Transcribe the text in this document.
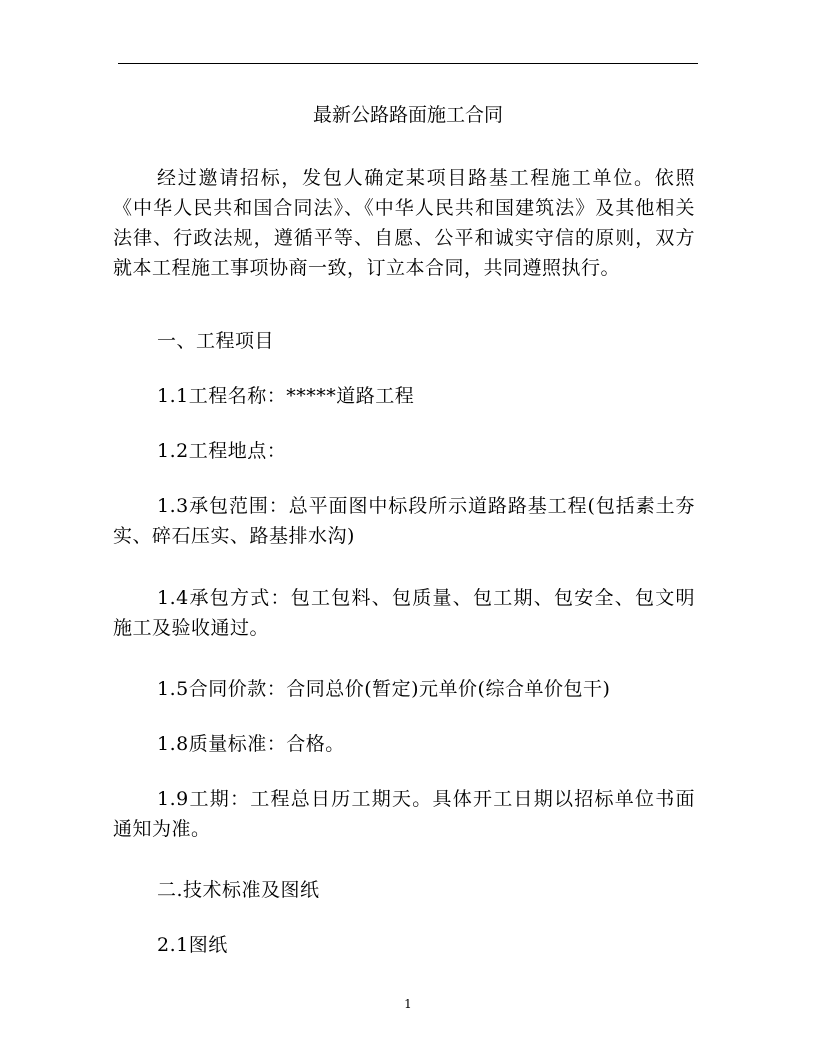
最新公路路面施工合同

经过邀请招标，发包人确定某项目路基工程施工单位。依照《中华人民共和国合同法》、《中华人民共和国建筑法》及其他相关法律、行政法规，遵循平等、自愿、公平和诚实守信的原则，双方就本工程施工事项协商一致，订立本合同，共同遵照执行。

一、工程项目

1.1工程名称：*****道路工程

1.2工程地点：

1.3承包范围：总平面图中标段所示道路路基工程(包括素土夯实、碎石压实、路基排水沟)

1.4承包方式：包工包料、包质量、包工期、包安全、包文明施工及验收通过。

1.5合同价款：合同总价(暂定)元单价(综合单价包干)

1.8质量标准：合格。

1.9工期：工程总日历工期天。具体开工日期以招标单位书面通知为准。

二.技术标准及图纸

2.1图纸

1
